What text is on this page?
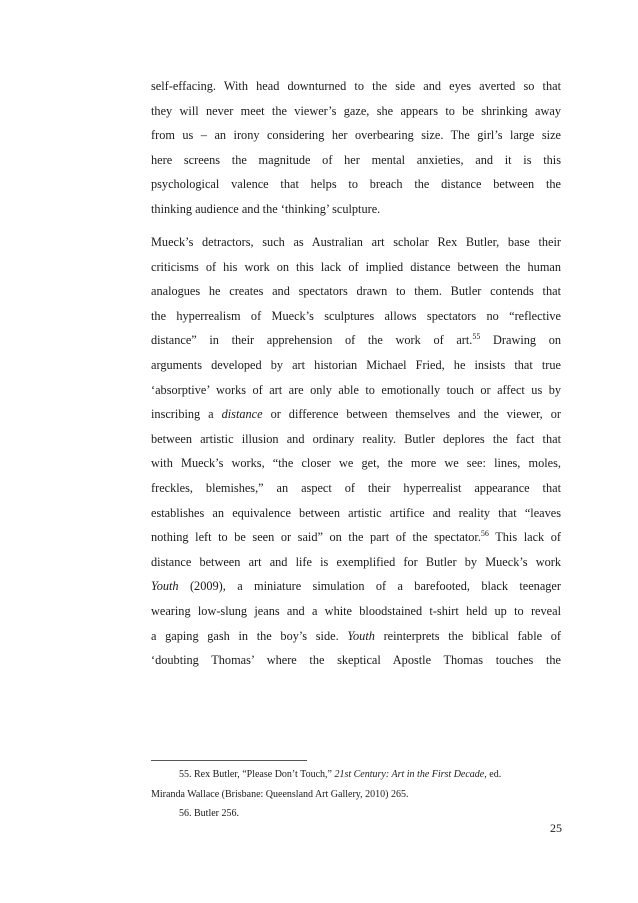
self-effacing. With head downturned to the side and eyes averted so that
they will never meet the viewer’s gaze, she appears to be shrinking away
from us – an irony considering her overbearing size. The girl’s large size
here screens the magnitude of her mental anxieties, and it is this
psychological valence that helps to breach the distance between the
thinking audience and the ‘thinking’ sculpture.
Mueck’s detractors, such as Australian art scholar Rex Butler, base their
criticisms of his work on this lack of implied distance between the human
analogues he creates and spectators drawn to them. Butler contends that
the hyperrealism of Mueck’s sculptures allows spectators no “reflective
distance” in their apprehension of the work of art.$^{55}$ Drawing on
arguments developed by art historian Michael Fried, he insists that true
‘absorptive’ works of art are only able to emotionally touch or affect us by
inscribing a distance or difference between themselves and the viewer, or
between artistic illusion and ordinary reality. Butler deplores the fact that
with Mueck’s works, “the closer we get, the more we see: lines, moles,
freckles, blemishes,” an aspect of their hyperrealist appearance that
establishes an equivalence between artistic artifice and reality that “leaves
nothing left to be seen or said” on the part of the spectator.$^{56}$ This lack of
distance between art and life is exemplified for Butler by Mueck’s work
Youth (2009), a miniature simulation of a barefooted, black teenager
wearing low-slung jeans and a white bloodstained t-shirt held up to reveal
a gaping gash in the boy’s side. Youth reinterprets the biblical fable of
‘doubting Thomas’ where the skeptical Apostle Thomas touches the

55. Rex Butler, “Please Don’t Touch,” 21st Century: Art in the First Decade, ed.

Miranda Wallace (Brisbane: Queensland Art Gallery, 2010) 265.

56. Butler 256.

25
